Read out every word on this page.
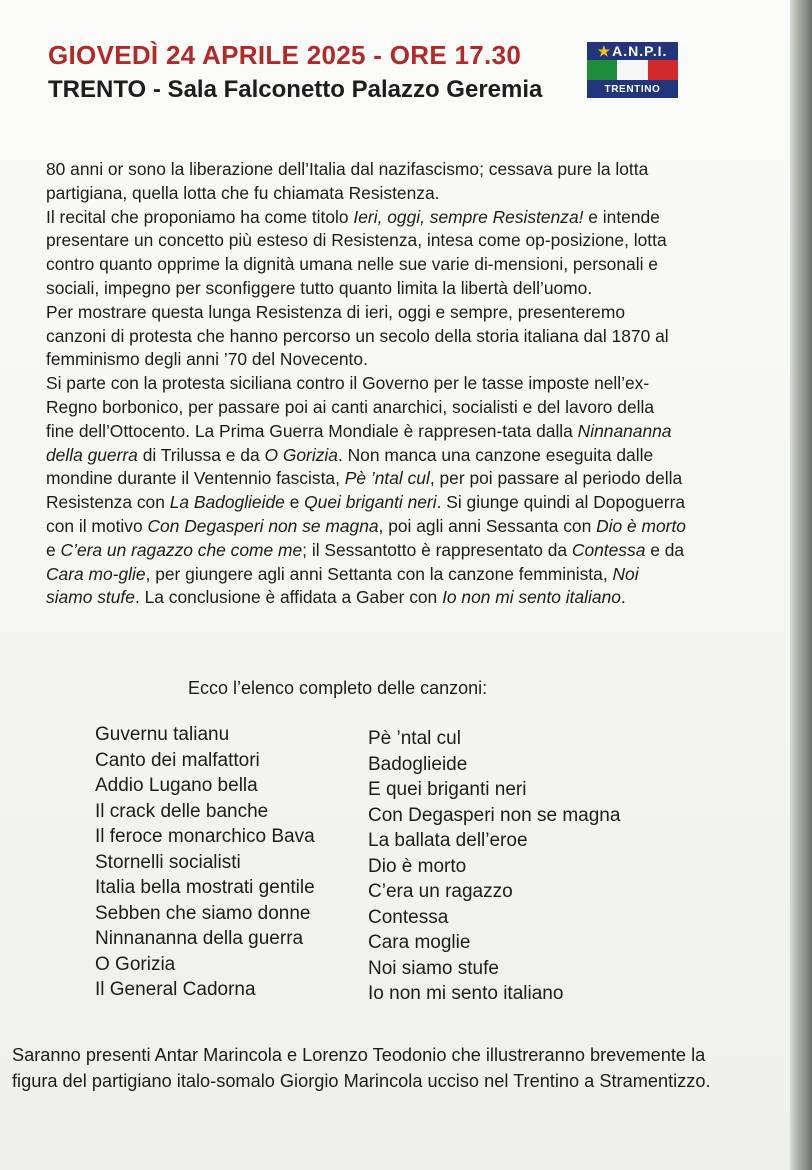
GIOVEDÌ 24 APRILE 2025 - ORE 17.30
TRENTO - Sala Falconetto Palazzo Geremia
★ A.N.P.I.
TRENTINO

80 anni or sono la liberazione dell’Italia dal nazifascismo; cessava pure la lotta partigiana, quella lotta che fu chiamata Resistenza.

Il recital che proponiamo ha come titolo Ieri, oggi, sempre Resistenza! e intende presentare un concetto più esteso di Resistenza, intesa come op-posizione, lotta contro quanto opprime la dignità umana nelle sue varie di-mensioni, personali e sociali, impegno per sconfiggere tutto quanto limita la libertà dell’uomo.

Per mostrare questa lunga Resistenza di ieri, oggi e sempre, presenteremo canzoni di protesta che hanno percorso un secolo della storia italiana dal 1870 al femminismo degli anni ’70 del Novecento.

Si parte con la protesta siciliana contro il Governo per le tasse imposte nell’ex-Regno borbonico, per passare poi ai canti anarchici, socialisti e del lavoro della fine dell’Ottocento. La Prima Guerra Mondiale è rappresen-tata dalla Ninnananna della guerra di Trilussa e da O Gorizia. Non manca una canzone eseguita dalle mondine durante il Ventennio fascista, Pè ’ntal cul, per poi passare al periodo della Resistenza con La Badoglieide e Quei briganti neri. Si giunge quindi al Dopoguerra con il motivo Con Degasperi non se magna, poi agli anni Sessanta con Dio è morto e C’era un ragazzo che come me; il Sessantotto è rappresentato da Contessa e da Cara mo-glie, per giungere agli anni Settanta con la canzone femminista, Noi siamo stufe. La conclusione è affidata a Gaber con Io non mi sento italiano.

Ecco l’elenco completo delle canzoni:
Guvernu talianu
Canto dei malfattori
Addio Lugano bella
Il crack delle banche
Il feroce monarchico Bava
Stornelli socialisti
Italia bella mostrati gentile
Sebben che siamo donne
Ninnananna della guerra
O Gorizia
Il General Cadorna
Pè ’ntal cul
Badoglieide
E quei briganti neri
Con Degasperi non se magna
La ballata dell’eroe
Dio è morto
C’era un ragazzo
Contessa
Cara moglie
Noi siamo stufe
Io non mi sento italiano

Saranno presenti Antar Marincola e Lorenzo Teodonio che illustreranno brevemente la figura del partigiano italo-somalo Giorgio Marincola ucciso nel Trentino a Stramentizzo.
